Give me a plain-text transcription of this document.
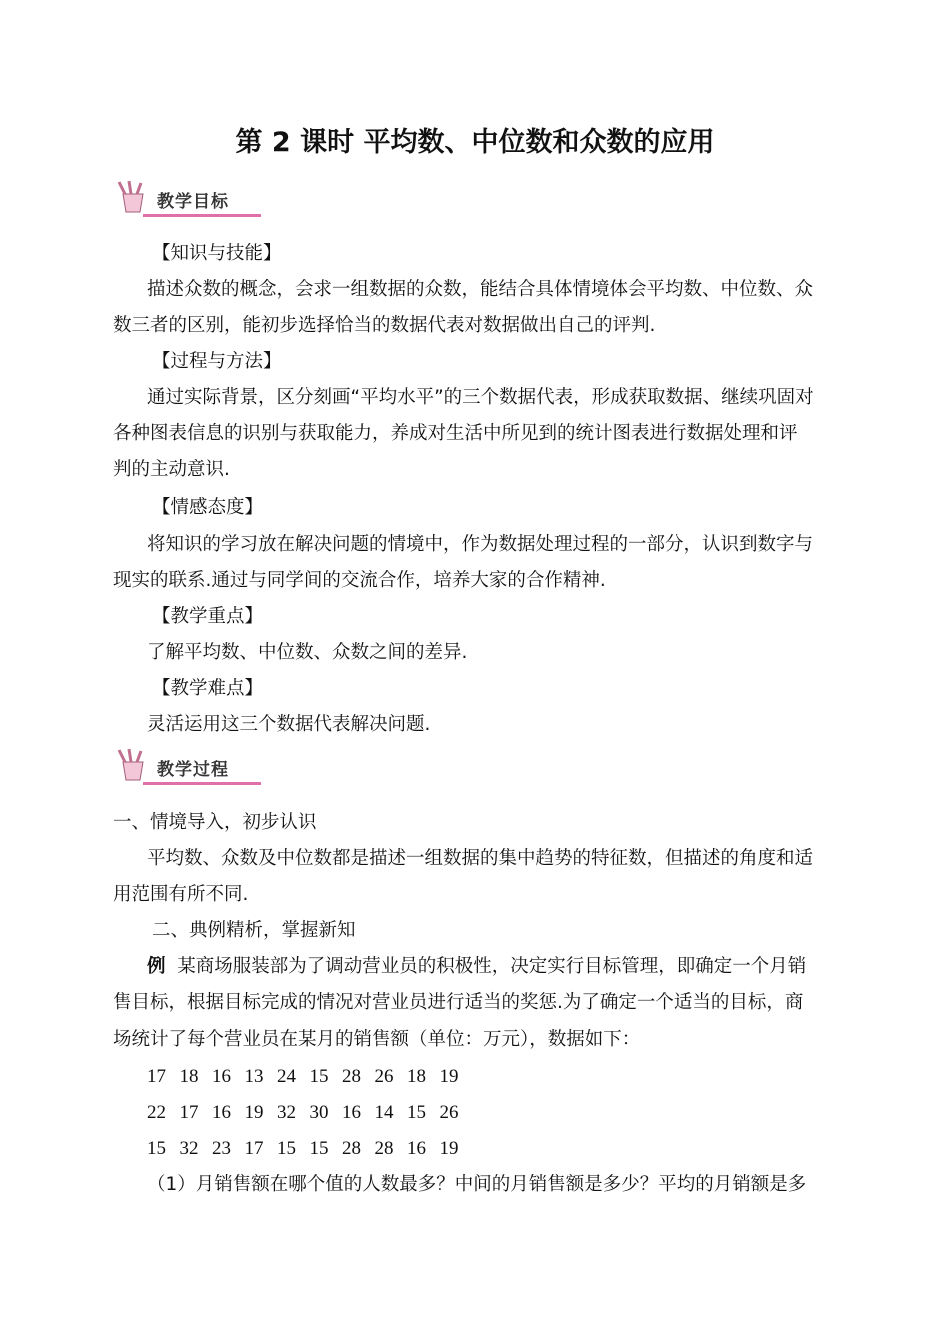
第 2 课时 平均数、中位数和众数的应用
教学目标
【知识与技能】
描述众数的概念，会求一组数据的众数，能结合具体情境体会平均数、中位数、众
数三者的区别，能初步选择恰当的数据代表对数据做出自己的评判.
【过程与方法】
通过实际背景，区分刻画“平均水平”的三个数据代表，形成获取数据、继续巩固对
各种图表信息的识别与获取能力，养成对生活中所见到的统计图表进行数据处理和评
判的主动意识.
【情感态度】
将知识的学习放在解决问题的情境中，作为数据处理过程的一部分，认识到数字与
现实的联系.通过与同学间的交流合作，培养大家的合作精神.
【教学重点】
了解平均数、中位数、众数之间的差异.
【教学难点】
灵活运用这三个数据代表解决问题.
教学过程
一、情境导入，初步认识
平均数、众数及中位数都是描述一组数据的集中趋势的特征数，但描述的角度和适
用范围有所不同.
二、典例精析，掌握新知
例 某商场服装部为了调动营业员的积极性，决定实行目标管理，即确定一个月销
售目标，根据目标完成的情况对营业员进行适当的奖惩.为了确定一个适当的目标，商
场统计了每个营业员在某月的销售额（单位：万元），数据如下：
17  18  16  13  24  15  28  26  18  19
22  17  16  19  32  30  16  14  15  26
15  32  23  17  15  15  28  28  16  19
（1）月销售额在哪个值的人数最多？中间的月销售额是多少？平均的月销额是多
